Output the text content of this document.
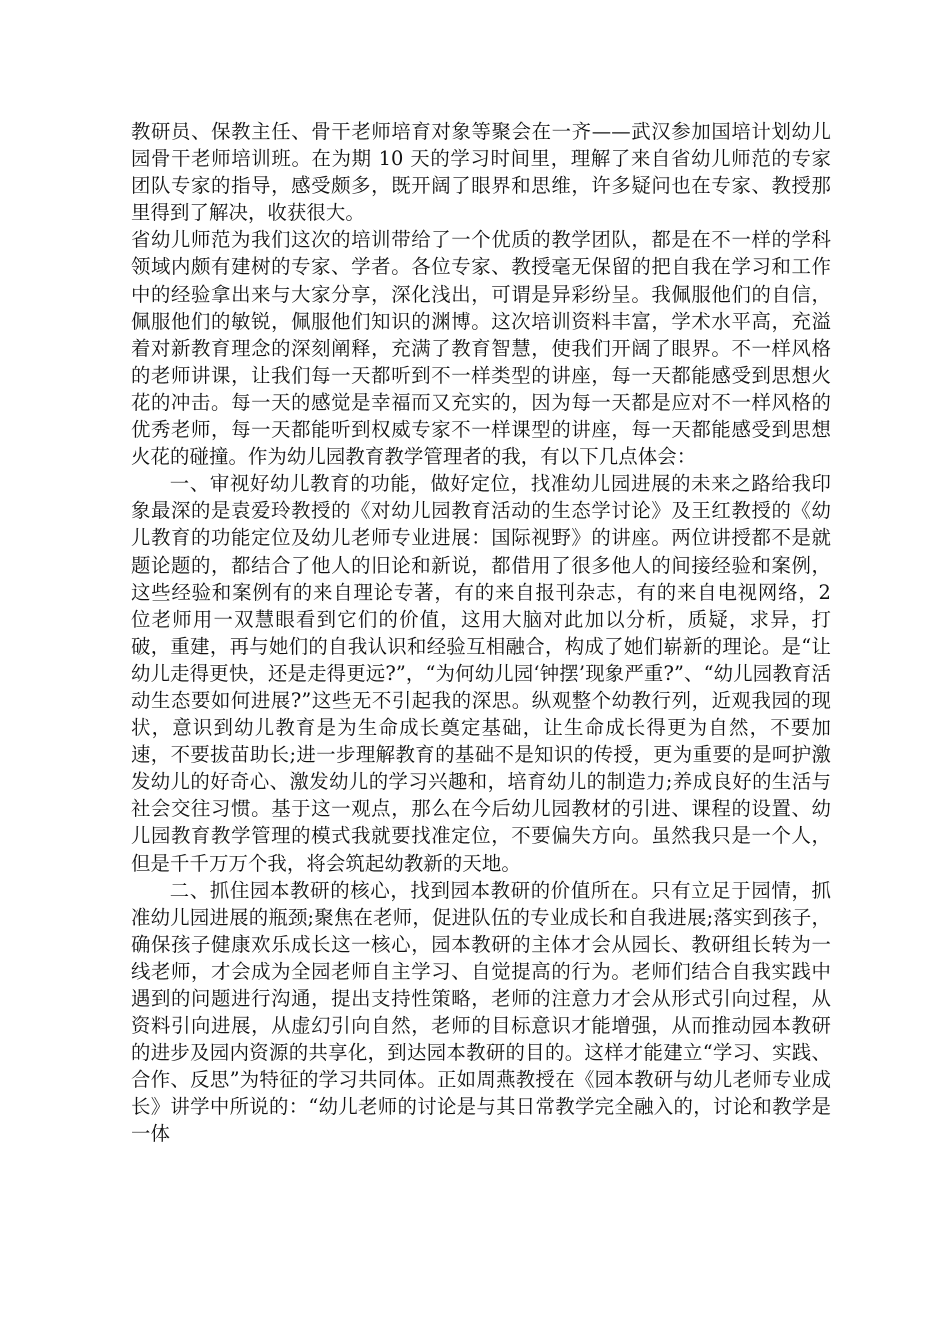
教研员、保教主任、骨干老师培育对象等聚会在一齐——武汉参加国培计划幼儿园骨干老师培训班。在为期 10 天的学习时间里，理解了来自省幼儿师范的专家团队专家的指导，感受颇多，既开阔了眼界和思维，许多疑问也在专家、教授那里得到了解决，收获很大。

省幼儿师范为我们这次的培训带给了一个优质的教学团队，都是在不一样的学科领域内颇有建树的专家、学者。各位专家、教授毫无保留的把自我在学习和工作中的经验拿出来与大家分享，深化浅出，可谓是异彩纷呈。我佩服他们的自信，佩服他们的敏锐，佩服他们知识的渊博。这次培训资料丰富，学术水平高，充溢着对新教育理念的深刻阐释，充满了教育智慧，使我们开阔了眼界。不一样风格的老师讲课，让我们每一天都听到不一样类型的讲座，每一天都能感受到思想火花的冲击。每一天的感觉是幸福而又充实的，因为每一天都是应对不一样风格的优秀老师，每一天都能听到权威专家不一样课型的讲座，每一天都能感受到思想火花的碰撞。作为幼儿园教育教学管理者的我，有以下几点体会：

一、审视好幼儿教育的功能，做好定位，找准幼儿园进展的未来之路给我印象最深的是袁爱玲教授的《对幼儿园教育活动的生态学讨论》及王红教授的《幼儿教育的功能定位及幼儿老师专业进展：国际视野》的讲座。两位讲授都不是就题论题的，都结合了他人的旧论和新说，都借用了很多他人的间接经验和案例，这些经验和案例有的来自理论专著，有的来自报刊杂志，有的来自电视网络，2 位老师用一双慧眼看到它们的价值，这用大脑对此加以分析，质疑，求异，打破，重建，再与她们的自我认识和经验互相融合，构成了她们崭新的理论。是“让幼儿走得更快，还是走得更远?”，“为何幼儿园‘钟摆’现象严重?”、“幼儿园教育活动生态要如何进展?”这些无不引起我的深思。纵观整个幼教行列，近观我园的现状，意识到幼儿教育是为生命成长奠定基础，让生命成长得更为自然，不要加速，不要拔苗助长;进一步理解教育的基础不是知识的传授，更为重要的是呵护激发幼儿的好奇心、激发幼儿的学习兴趣和，培育幼儿的制造力;养成良好的生活与社会交往习惯。基于这一观点，那么在今后幼儿园教材的引进、课程的设置、幼儿园教育教学管理的模式我就要找准定位，不要偏失方向。虽然我只是一个人，但是千千万万个我，将会筑起幼教新的天地。

二、抓住园本教研的核心，找到园本教研的价值所在。只有立足于园情，抓准幼儿园进展的瓶颈;聚焦在老师，促进队伍的专业成长和自我进展;落实到孩子，确保孩子健康欢乐成长这一核心，园本教研的主体才会从园长、教研组长转为一线老师，才会成为全园老师自主学习、自觉提高的行为。老师们结合自我实践中遇到的问题进行沟通，提出支持性策略，老师的注意力才会从形式引向过程，从资料引向进展，从虚幻引向自然，老师的目标意识才能增强，从而推动园本教研的进步及园内资源的共享化，到达园本教研的目的。这样才能建立“学习、实践、合作、反思”为特征的学习共同体。正如周燕教授在《园本教研与幼儿老师专业成长》讲学中所说的：“幼儿老师的讨论是与其日常教学完全融入的，讨论和教学是一体
